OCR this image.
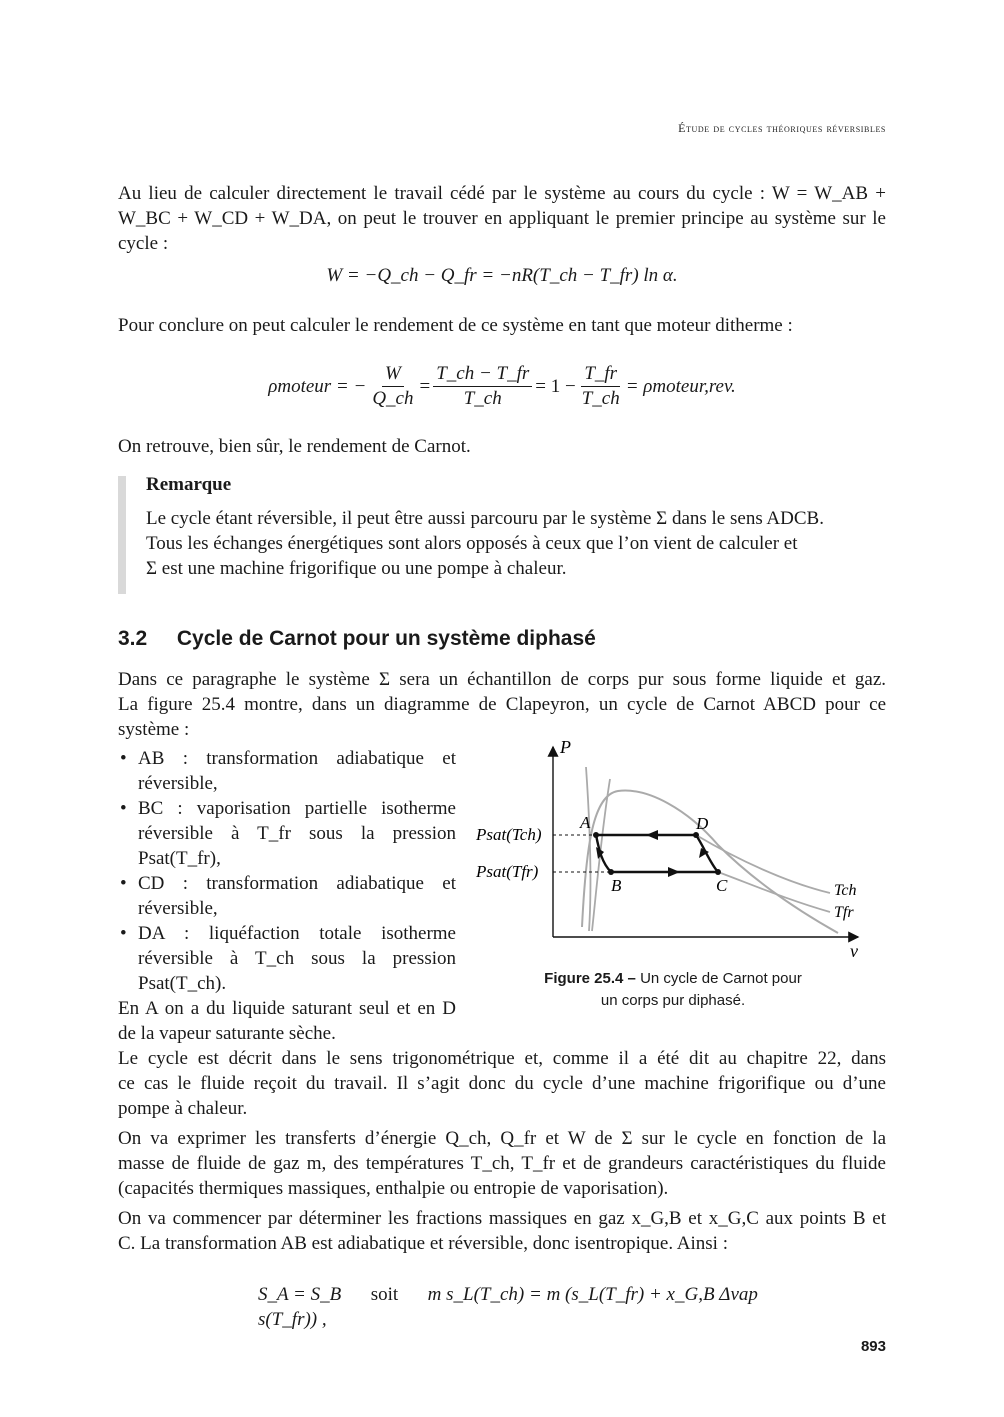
Étude de cycles théoriques réversibles
Au lieu de calculer directement le travail cédé par le système au cours du cycle : W = W_AB +
W_BC + W_CD + W_DA, on peut le trouver en appliquant le premier principe au système sur le
cycle :
W = −Q_ch − Q_fr = −nR(T_ch − T_fr) ln α.
Pour conclure on peut calculer le rendement de ce système en tant que moteur ditherme :
ρmoteur = − $\frac{W}{Q\_ch} = \frac{T\_ch - T\_fr}{T\_ch} = 1 - \frac{T\_fr}{T\_ch}$ = ρmoteur,rev.
On retrouve, bien sûr, le rendement de Carnot.
Remarque
Le cycle étant réversible, il peut être aussi parcouru par le système Σ dans le sens ADCB.
Tous les échanges énergétiques sont alors opposés à ceux que l’on vient de calculer et
Σ est une machine frigorifique ou une pompe à chaleur.
3.2 Cycle de Carnot pour un système diphasé
Dans ce paragraphe le système Σ sera un échantillon de corps pur sous forme liquide et gaz.
La figure 25.4 montre, dans un diagramme de Clapeyron, un cycle de Carnot ABCD pour ce
système :
• AB : transformation adiabatique et réversible,
• BC : vaporisation partielle isotherme réversible à T_fr sous la pression Psat(T_fr),
• CD : transformation adiabatique et réversible,
• DA : liquéfaction totale isotherme réversible à T_ch sous la pression Psat(T_ch).
En A on a du liquide saturant seul et en D de la vapeur saturante sèche.
P
v
Psat(Tch)
Psat(Tfr)
A	D
B	C	Tch
Tfr
Figure 25.4 – Un cycle de Carnot pour
un corps pur diphasé.
Le cycle est décrit dans le sens trigonométrique et, comme il a été dit au chapitre 22, dans
ce cas le fluide reçoit du travail. Il s’agit donc du cycle d’une machine frigorifique ou d’une
pompe à chaleur.
On va exprimer les transferts d’énergie Q_ch, Q_fr et W de Σ sur le cycle en fonction de la
masse de fluide de gaz m, des températures T_ch, T_fr et de grandeurs caractéristiques du fluide
(capacités thermiques massiques, enthalpie ou entropie de vaporisation).
On va commencer par déterminer les fractions massiques en gaz x_G,B et x_G,C aux points B et
C. La transformation AB est adiabatique et réversible, donc isentropique. Ainsi :
S_A = S_B soit m s_L(T_ch) = m (s_L(T_fr) + x_G,B Δvap s(T_fr)) ,
893
